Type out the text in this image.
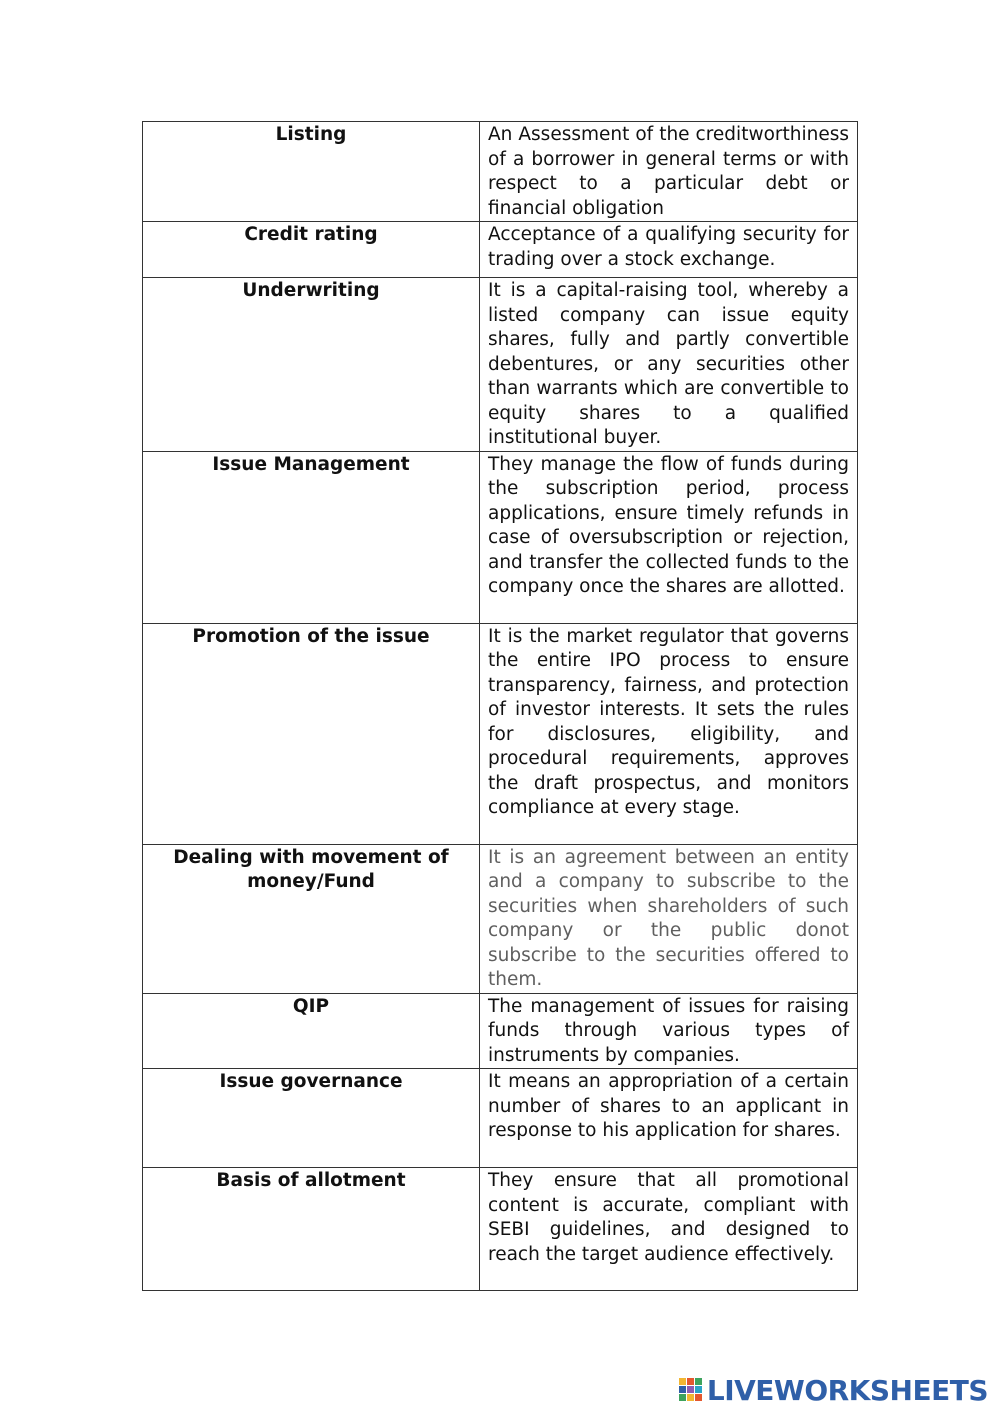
Listing	An Assessment of the creditworthiness of a borrower in general terms or with respect to a particular debt or financial obligation
Credit rating	Acceptance of a qualifying security for trading over a stock exchange.
Underwriting	It is a capital-raising tool, whereby a listed company can issue equity shares, fully and partly convertible debentures, or any securities other than warrants which are convertible to equity shares to a qualified institutional buyer.
Issue Management	They manage the flow of funds during the subscription period, process applications, ensure timely refunds in case of oversubscription or rejection, and transfer the collected funds to the company once the shares are allotted.
Promotion of the issue	It is the market regulator that governs the entire IPO process to ensure transparency, fairness, and protection of investor interests. It sets the rules for disclosures, eligibility, and procedural requirements, approves the draft prospectus, and monitors compliance at every stage.
Dealing with movement of money/Fund	It is an agreement between an entity and a company to subscribe to the securities when shareholders of such company or the public donot subscribe to the securities offered to them.
QIP	The management of issues for raising funds through various types of instruments by companies.
Issue governance	It means an appropriation of a certain number of shares to an applicant in response to his application for shares.
Basis of allotment	They ensure that all promotional content is accurate, compliant with SEBI guidelines, and designed to reach the target audience effectively.
LIVEWORKSHEETS
